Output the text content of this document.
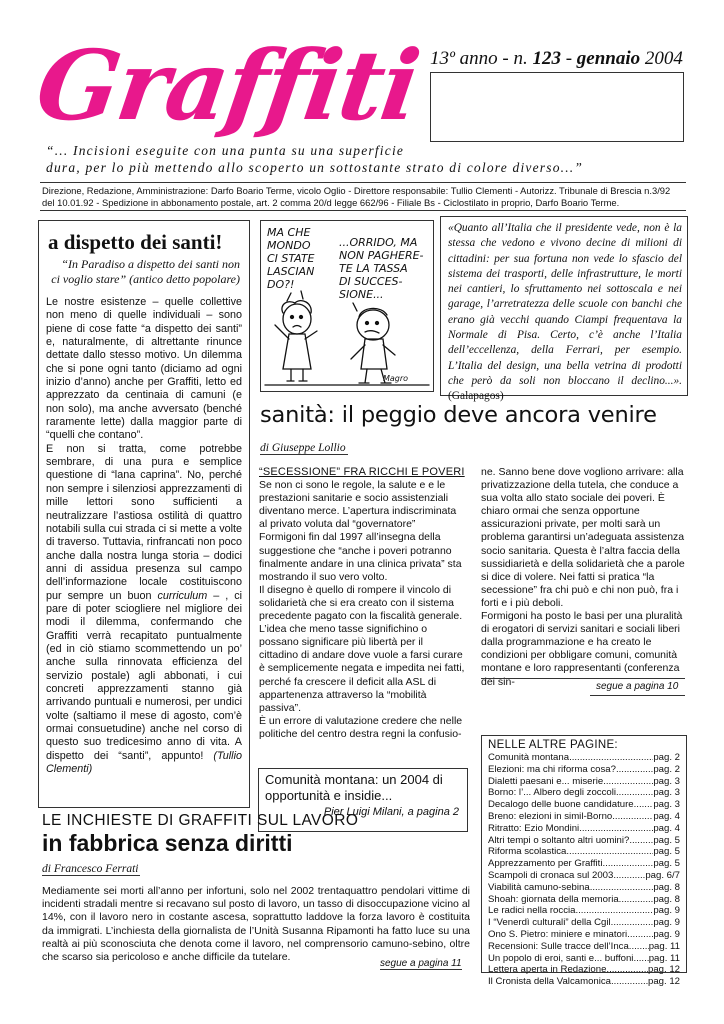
Graffiti 13º anno - n. 123 - gennaio 2004
“... Incisioni eseguite con una punta su una superficie
dura, per lo più mettendo allo scoperto un sottostante strato di colore diverso...”
Direzione, Redazione, Amministrazione: Darfo Boario Terme, vicolo Oglio - Direttore responsabile: Tullio Clementi - Autorizz. Tribunale di Brescia n.3/92
del 10.01.92 - Spedizione in abbonamento postale, art. 2 comma 20/d legge 662/96 - Filiale Bs - Ciclostilato in proprio, Darfo Boario Terme.
a dispetto dei santi!
“In Paradiso a dispetto dei santi non ci voglio stare” (antico detto popolare)

Le nostre esistenze – quelle collettive non meno di quelle individuali – sono piene di cose fatte “a dispetto dei santi” e, naturalmente, di altrettante rinunce dettate dallo stesso motivo. Un dilemma che si pone ogni tanto (diciamo ad ogni inizio d’anno) anche per Graffiti, letto ed apprezzato da centinaia di camuni (e non solo), ma anche avversato (benché raramente lette) dalla maggior parte di “quelli che contano”.

E non si tratta, come potrebbe sembrare, di una pura e semplice questione di “lana caprina”. No, perché non sempre i silenziosi apprezzamenti di mille lettori sono sufficienti a neutralizzare l’astiosa ostilità di quattro notabili sulla cui strada ci si mette a volte di traverso. Tuttavia, rinfrancati non poco anche dalla nostra lunga storia – dodici anni di assidua presenza sul campo dell’informazione locale costituiscono pur sempre un buon curriculum – , ci pare di poter sciogliere nel migliore dei modi il dilemma, confermando che Graffiti verrà recapitato puntualmente (ed in ciò stiamo scommettendo un po’ anche sulla rinnovata efficienza del servizio postale) agli abbonati, i cui concreti apprezzamenti stanno già arrivando puntuali e numerosi, per undici volte (saltiamo il mese di agosto, com’è ormai consuetudine) anche nel corso di questo suo tredicesimo anno di vita. A dispetto dei “santi”, appunto! (Tullio Clementi)

MA CHE
MONDO
CI STATE
LASCIAN
DO?!
...ORRIDO, MA
NON PAGHERE-
TE LA TASSA
DI SUCCES-
SIONE...
Magro
«Quanto all’Italia che il presidente vede, non è la stessa che vedono e vivono decine di milioni di cittadini: per sua fortuna non vede lo sfascio del sistema dei trasporti, delle infrastrutture, le morti nei cantieri, lo sfruttamento nei sottoscala e nei garage, l’arretratezza delle scuole con banchi che erano già vecchi quando Ciampi frequentava la Normale di Pisa. Certo, c’è anche l’Italia dell’eccellenza, della Ferrari, per esempio. L’Italia del design, una bella vetrina di prodotti che però da soli non bloccano il declino...». (Galapagos)
sanità: il peggio deve ancora venire
di Giuseppe Lollio
“SECESSIONE” FRA RICCHI E POVERI

Se non ci sono le regole, la salute e e le prestazioni sanitarie e socio assistenziali diventano merce. L’apertura indiscriminata al privato voluta dal “governatore” Formigoni fin dal 1997 all’insegna della suggestione che “anche i poveri potranno finalmente andare in una clinica privata” sta mostrando il suo vero volto.

Il disegno è quello di rompere il vincolo di solidarietà che si era creato con il sistema precedente pagato con la fiscalità generale. L’idea che meno tasse significhino o possano significare più libertà per il cittadino di andare dove vuole a farsi curare è semplicemente negata e impedita nei fatti, perché fa crescere il deficit alla ASL di appartenenza attraverso la “mobilità passiva”.

È un errore di valutazione credere che nelle politiche del centro destra regni la confusio-

ne. Sanno bene dove vogliono arrivare: alla privatizzazione della tutela, che conduce a sua volta allo stato sociale dei poveri. È chiaro ormai che senza opportune assicurazioni private, per molti sarà un problema garantirsi un’adeguata assistenza socio sanitaria. Questa è l’altra faccia della sussidiarietà e della solidarietà che a parole si dice di volere. Nei fatti si pratica “la secessione” fra chi può e chi non può, fra i forti e i più deboli.

Formigoni ha posto le basi per una pluralità di erogatori di servizi sanitari e sociali liberi dalla programmazione e ha creato le condizioni per obbligare comuni, comunità montane e loro rappresentanti (conferenza dei sin-	segue a pagina 10
Comunità montana: un 2004 di opportunità e insidie...
Pier Luigi Milani, a pagina 2
NELLE ALTRE PAGINE:
Comunità montana .....	pag. 2
Elezioni: ma chi riforma cosa? .....	pag. 2
Dialetti paesani e... miserie .....	pag. 3
Borno: l’... Albero degli zoccoli .....	pag. 3
Decalogo delle buone candidature ..... pag. 3
Breno: elezioni in simil-Borno .....	pag. 4
Ritratto: Ezio Mondini .....	pag. 4
Altri tempi o soltanto altri uomini? .....	pag. 5
Riforma scolastica .....	pag. 5
Apprezzamento per Graffiti .....	pag. 5
Scampoli di cronaca sul 2003 .....	pag. 6/7
Viabilità camuno-sebina .....	pag. 8
Shoah: giornata della memoria .....	pag. 8
Le radici nella roccia .....	pag. 9
I “Venerdì culturali” della Cgil .....	pag. 9
Ono S. Pietro: miniere e minatori .....	pag. 9
Recensioni: Sulle tracce dell’Inca ..... pag. 11
Un popolo di eroi, santi e... buffoni ..... pag. 11
Lettera aperta in Redazione .....	pag. 12
Il Cronista della Valcamonica .....	pag. 12
LE INCHIESTE DI GRAFFITI SUL LAVORO
in fabbrica senza diritti
di Francesco Ferrati
Mediamente sei morti all’anno per infortuni, solo nel 2002 trentaquattro pendolari vittime di incidenti stradali mentre si recavano sul posto di lavoro, un tasso di disoccupazione vicino al 14%, con il lavoro nero in costante ascesa, soprattutto laddove la forza lavoro è costituita da immigrati. L’inchiesta della giornalista de l’Unità Susanna Ripamonti ha fatto luce su una realtà ai più sconosciuta che denota come il lavoro, nel comprensorio camuno-sebino, oltre che scarso sia pericoloso e anche difficile da tutelare.
segue a pagina 11
